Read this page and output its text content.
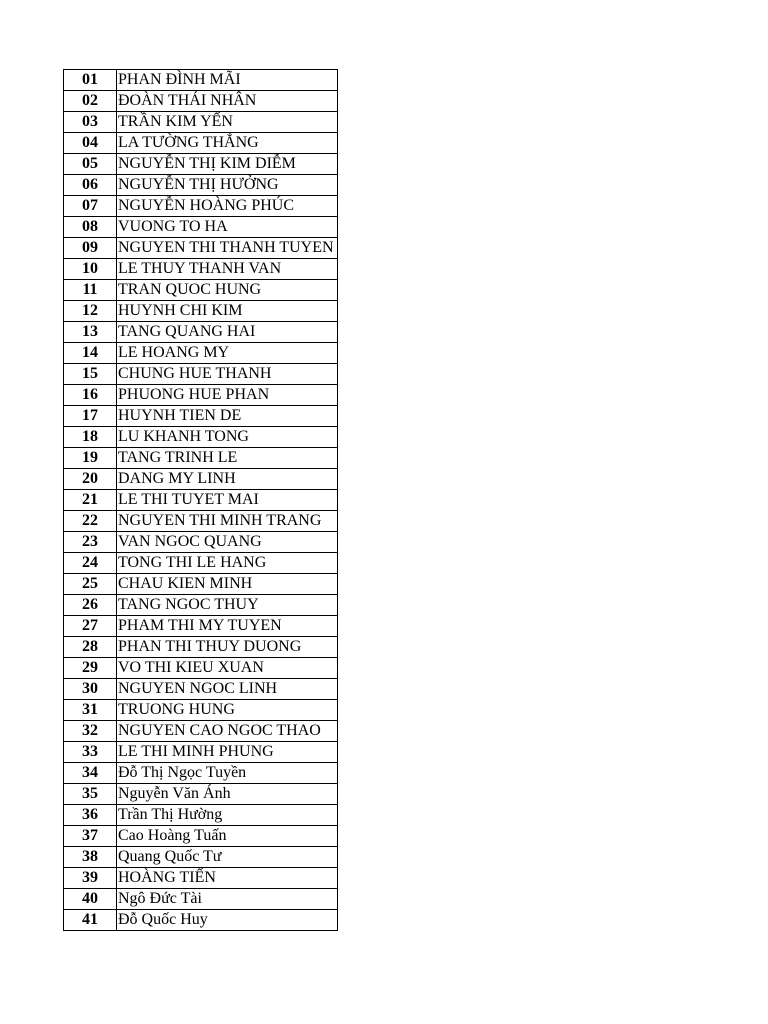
01	PHAN ĐÌNH MÃI
02	ĐOÀN THÁI NHÂN
03	TRẦN KIM YẾN
04	LA TƯỜNG THẮNG
05	NGUYỄN THỊ KIM DIỄM
06	NGUYỄN THỊ HƯỞNG
07	NGUYỄN HOÀNG PHÚC
08	VUONG TO HA
09	NGUYEN THI THANH TUYEN
10	LE THUY THANH VAN
11	TRAN QUOC HUNG
12	HUYNH CHI KIM
13	TANG QUANG HAI
14	LE HOANG MY
15	CHUNG HUE THANH
16	PHUONG HUE PHAN
17	HUYNH TIEN DE
18	LU KHANH TONG
19	TANG TRINH LE
20	DANG MY LINH
21	LE THI TUYET MAI
22	NGUYEN THI MINH TRANG
23	VAN NGOC QUANG
24	TONG THI LE HANG
25	CHAU KIEN MINH
26	TANG NGOC THUY
27	PHAM THI MY TUYEN
28	PHAN THI THUY DUONG
29	VO THI KIEU XUAN
30	NGUYEN NGOC LINH
31	TRUONG HUNG
32	NGUYEN CAO NGOC THAO
33	LE THI MINH PHUNG
34	Đỗ Thị Ngọc Tuyền
35	Nguyễn Văn Ánh
36	Trần Thị Hường
37	Cao Hoàng Tuấn
38	Quang Quốc Tư
39	HOÀNG TIẾN
40	Ngô Đức Tài
41	Đỗ Quốc Huy
